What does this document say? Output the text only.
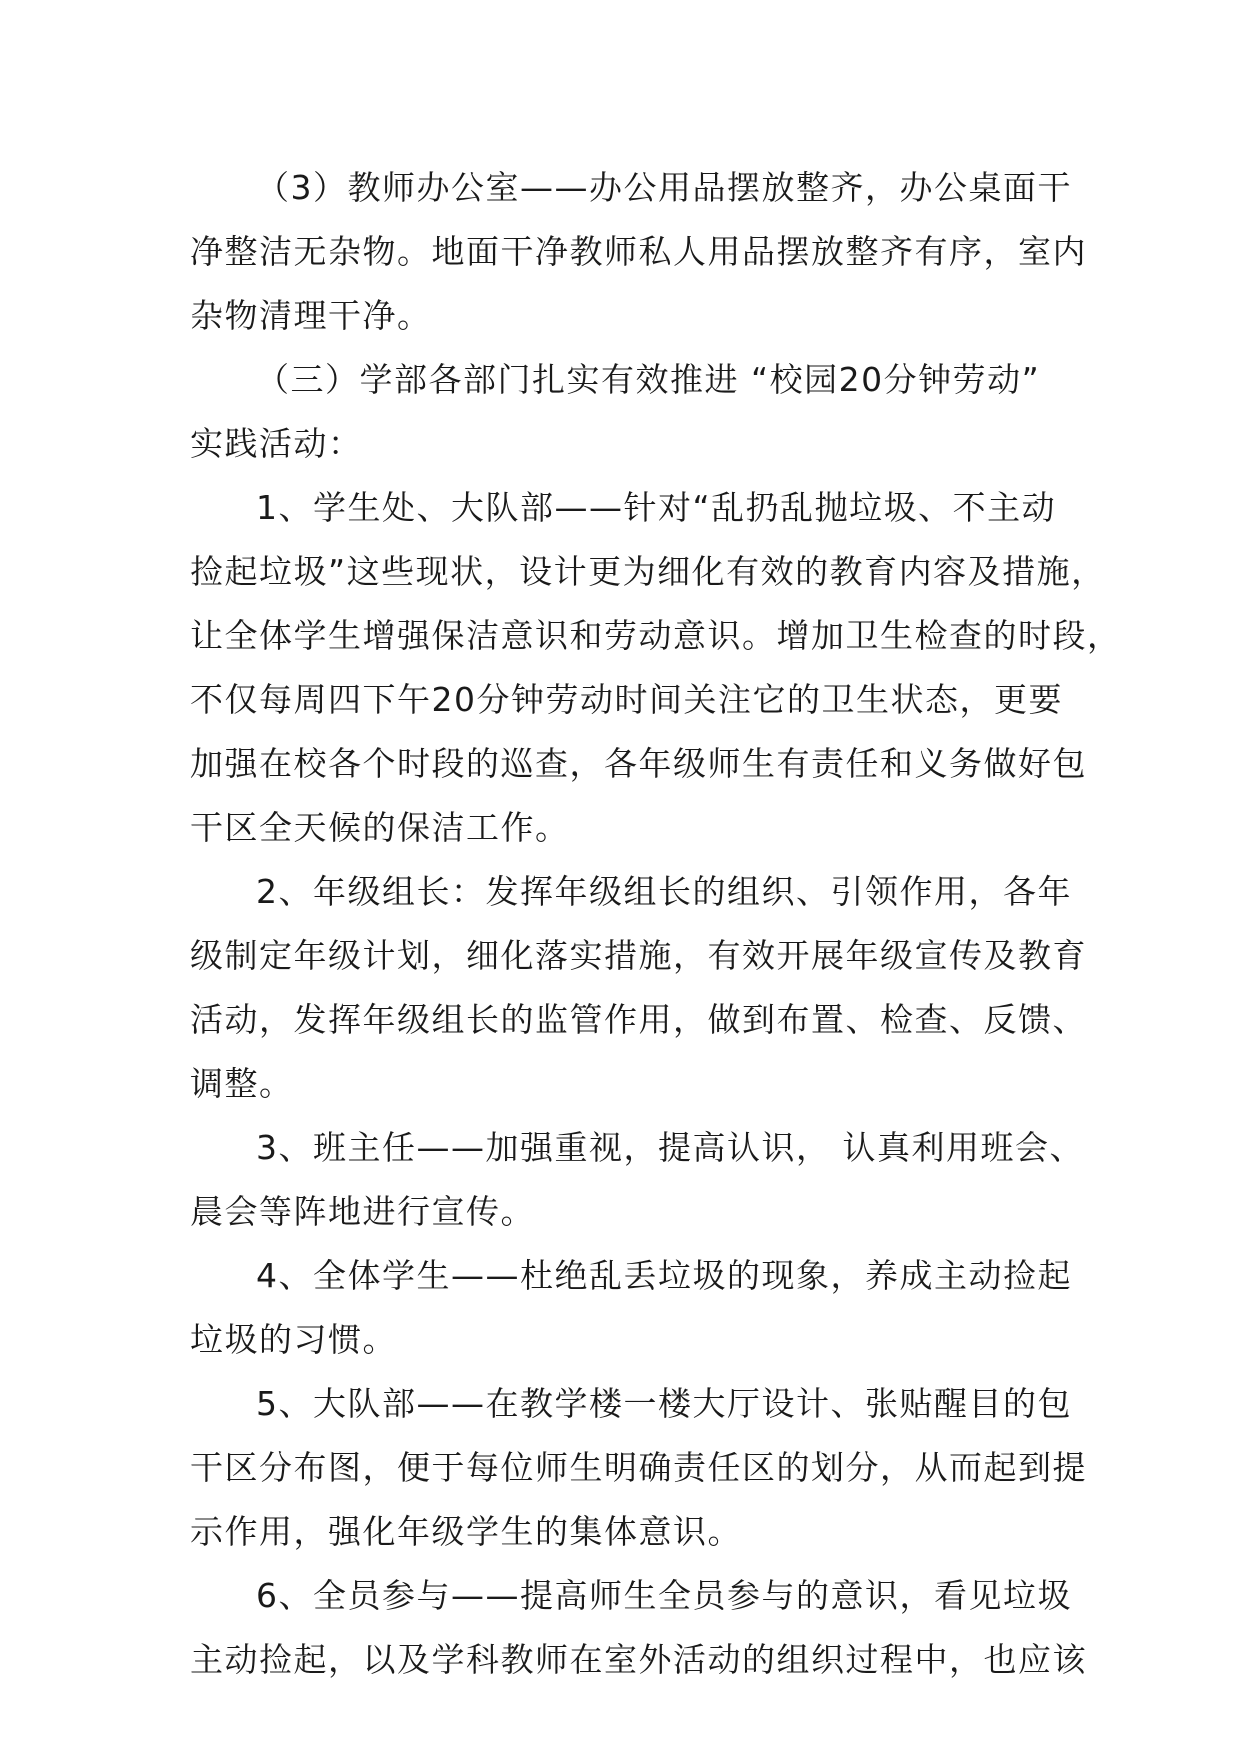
（3）教师办公室——办公用品摆放整齐，办公桌面干
净整洁无杂物。地面干净教师私人用品摆放整齐有序，室内
杂物清理干净。
（三）学部各部门扎实有效推进 “校园20分钟劳动”
实践活动：
1、学生处、大队部——针对“乱扔乱抛垃圾、不主动
捡起垃圾”这些现状，设计更为细化有效的教育内容及措施，
让全体学生增强保洁意识和劳动意识。增加卫生检查的时段，
不仅每周四下午20分钟劳动时间关注它的卫生状态，更要
加强在校各个时段的巡查，各年级师生有责任和义务做好包
干区全天候的保洁工作。
2、年级组长：发挥年级组长的组织、引领作用，各年
级制定年级计划，细化落实措施，有效开展年级宣传及教育
活动，发挥年级组长的监管作用，做到布置、检查、反馈、
调整。
3、班主任——加强重视，提高认识， 认真利用班会、
晨会等阵地进行宣传。
4、全体学生——杜绝乱丢垃圾的现象，养成主动捡起
垃圾的习惯。
5、大队部——在教学楼一楼大厅设计、张贴醒目的包
干区分布图，便于每位师生明确责任区的划分，从而起到提
示作用，强化年级学生的集体意识。
6、全员参与——提高师生全员参与的意识，看见垃圾
主动捡起，以及学科教师在室外活动的组织过程中，也应该
